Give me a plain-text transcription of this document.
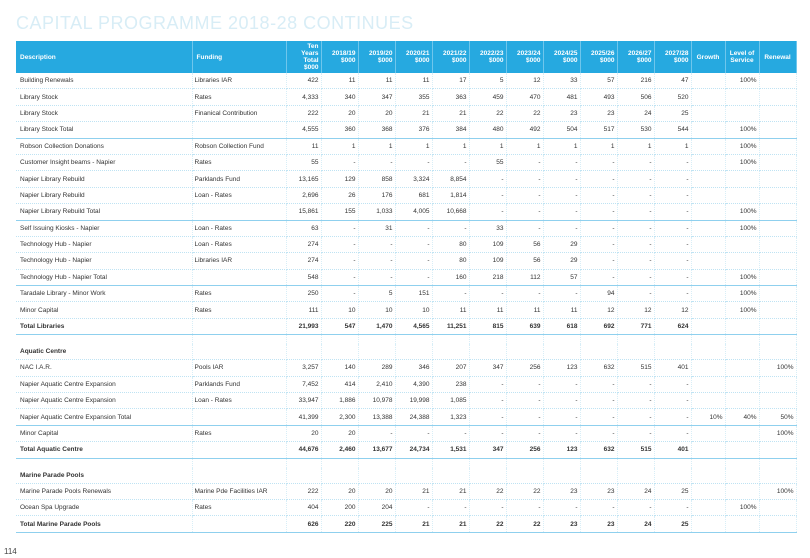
CAPITAL PROGRAMME 2018-28 CONTINUES
Description	Funding	Ten Years Total $000	2018/19 $000	2019/20 $000	2020/21 $000	2021/22 $000	2022/23 $000	2023/24 $000	2024/25 $000	2025/26 $000	2026/27 $000	2027/28 $000	Growth	Level of Service	Renewal
Building Renewals	Libraries IAR	422	11	11	11	17	5	12	33	57	216	47		100%	
Library Stock	Rates	4,333	340	347	355	363	459	470	481	493	506	520			
Library Stock	Finanical Contribution	222	20	20	21	21	22	22	23	23	24	25			
Library Stock Total		4,555	360	368	376	384	480	492	504	517	530	544		100%	
Robson Collection Donations	Robson Collection Fund	11	1	1	1	1	1	1	1	1	1	1		100%	
Customer Insight beams - Napier	Rates	55	-	-	-	-	55	-	-	-	-	-		100%	
Napier Library Rebuild	Parklands Fund	13,165	129	858	3,324	8,854	-	-	-	-	-	-			
Napier Library Rebuild	Loan - Rates	2,696	26	176	681	1,814	-	-	-	-	-	-			
Napier Library Rebuild Total		15,861	155	1,033	4,005	10,668	-	-	-	-	-	-		100%	
Self Issuing Kiosks - Napier	Loan - Rates	63	-	31	-	-	33	-	-	-	-	-		100%	
Technology Hub - Napier	Loan - Rates	274	-	-	-	80	109	56	29	-	-	-			
Technology Hub - Napier	Libraries IAR	274	-	-	-	80	109	56	29	-	-	-			
Technology Hub - Napier Total		548	-	-	-	160	218	112	57	-	-	-		100%	
Taradale Library - Minor Work	Rates	250	-	5	151	-	-	-	-	94	-	-		100%	
Minor Capital	Rates	111	10	10	10	11	11	11	11	12	12	12		100%	
Total Libraries		21,993	547	1,470	4,565	11,251	815	639	618	692	771	624			

Aquatic Centre															
NAC I.A.R.	Pools IAR	3,257	140	289	346	207	347	256	123	632	515	401			100%
Napier Aquatic Centre Expansion	Parklands Fund	7,452	414	2,410	4,390	238	-	-	-	-	-	-			
Napier Aquatic Centre Expansion	Loan - Rates	33,947	1,886	10,978	19,998	1,085	-	-	-	-	-	-			
Napier Aquatic Centre Expansion Total		41,399	2,300	13,388	24,388	1,323	-	-	-	-	-	-	10%	40%	50%
Minor Capital	Rates	20	20	-	-	-	-	-	-	-	-	-			100%
Total Aquatic Centre		44,676	2,460	13,677	24,734	1,531	347	256	123	632	515	401			

Marine Parade Pools															
Marine Parade Pools Renewals	Marine Pde Facilities IAR	222	20	20	21	21	22	22	23	23	24	25			100%
Ocean Spa Upgrade	Rates	404	200	204	-	-	-	-	-	-	-	-		100%	
Total Marine Parade Pools		626	220	225	21	21	22	22	23	23	24	25			
114
